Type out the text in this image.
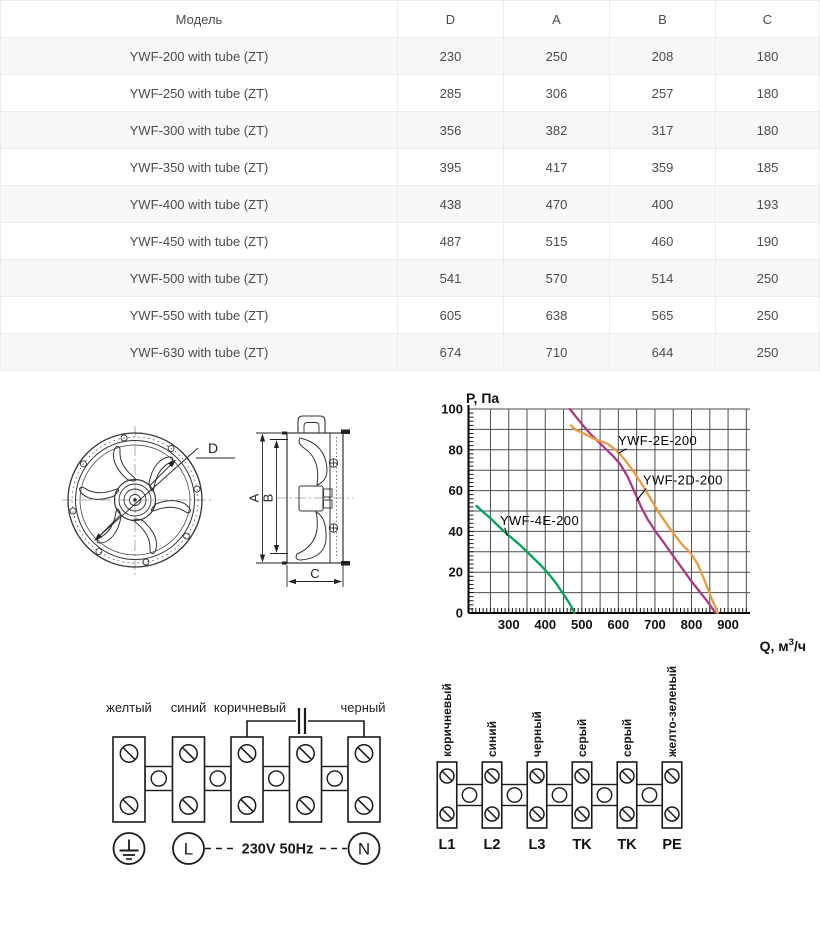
Модель	D	A	B	C
YWF-200 with tube (ZT)	230	250	208	180
YWF-250 with tube (ZT)	285	306	257	180
YWF-300 with tube (ZT)	356	382	317	180
YWF-350 with tube (ZT)	395	417	359	185
YWF-400 with tube (ZT)	438	470	400	193
YWF-450 with tube (ZT)	487	515	460	190
YWF-500 with tube (ZT)	541	570	514	250
YWF-550 with tube (ZT)	605	638	565	250
YWF-630 with tube (ZT)	674	710	644	250
D
A B
C
300 400 500 600 700 800 900
0
20
40
60
80
100
P, Па
Q, $м^3/ч$
YWF-2E-200
YWF-2D-200
YWF-4E-200
желтый синий коричневый	черный
L	N
230V 50Hz
коричневый	синий	черный	серый	серый	желто-зеленый
L1 L2 L3 TK TK PE
